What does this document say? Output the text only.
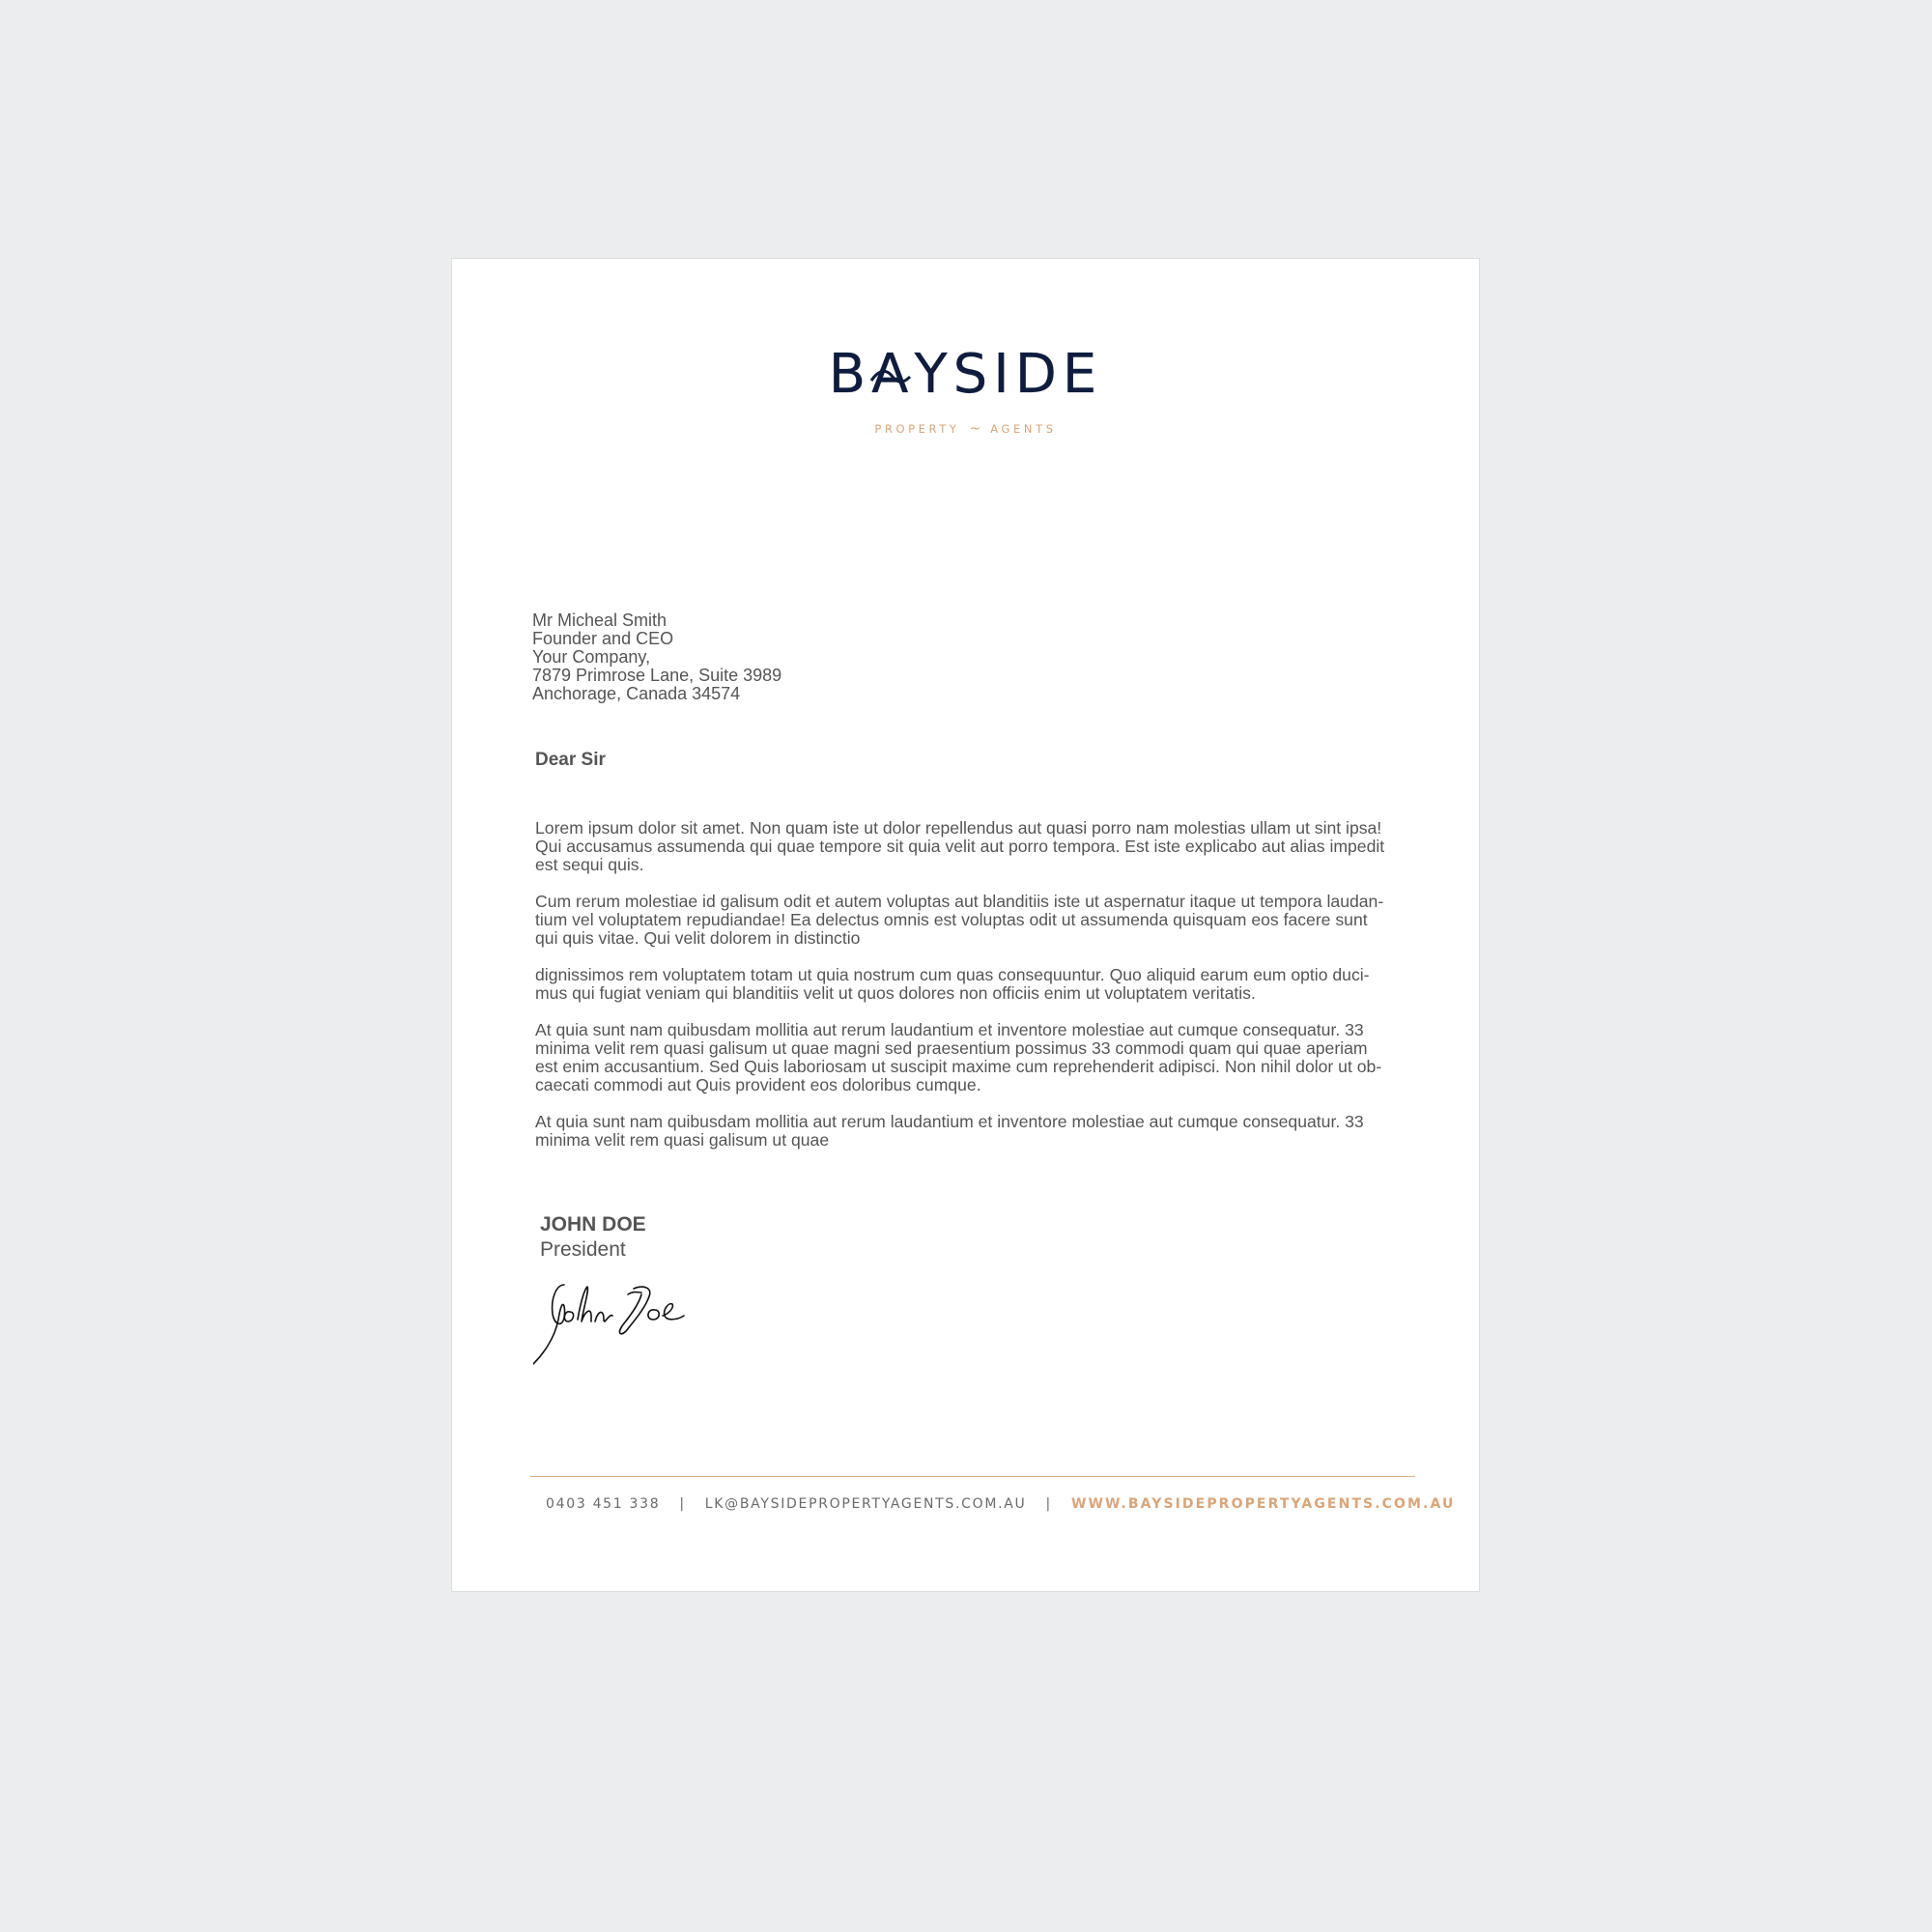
BA
YSIDE
PROPERTY ~ AGENTS
Mr Micheal Smith
Founder and CEO
Your Company,
7879 Primrose Lane, Suite 3989
Anchorage, Canada 34574
Dear Sir

Lorem ipsum dolor sit amet. Non quam iste ut dolor repellendus aut quasi porro nam molestias ullam ut sint ipsa!
Qui accusamus assumenda qui quae tempore sit quia velit aut porro tempora. Est iste explicabo aut alias impedit
est sequi quis.

Cum rerum molestiae id galisum odit et autem voluptas aut blanditiis iste ut aspernatur itaque ut tempora laudan-
tium vel voluptatem repudiandae! Ea delectus omnis est voluptas odit ut assumenda quisquam eos facere sunt
qui quis vitae. Qui velit dolorem in distinctio

dignissimos rem voluptatem totam ut quia nostrum cum quas consequuntur. Quo aliquid earum eum optio duci-
mus qui fugiat veniam qui blanditiis velit ut quos dolores non officiis enim ut voluptatem veritatis.

At quia sunt nam quibusdam mollitia aut rerum laudantium et inventore molestiae aut cumque consequatur. 33
minima velit rem quasi galisum ut quae magni sed praesentium possimus 33 commodi quam qui quae aperiam
est enim accusantium. Sed Quis laboriosam ut suscipit maxime cum reprehenderit adipisci. Non nihil dolor ut ob-
caecati commodi aut Quis provident eos doloribus cumque.

At quia sunt nam quibusdam mollitia aut rerum laudantium et inventore molestiae aut cumque consequatur. 33
minima velit rem quasi galisum ut quae

JOHN DOE
President
0403 451 338 | LK@BAYSIDEPROPERTYAGENTS.COM.AU | WWW.BAYSIDEPROPERTYAGENTS.COM.AU
